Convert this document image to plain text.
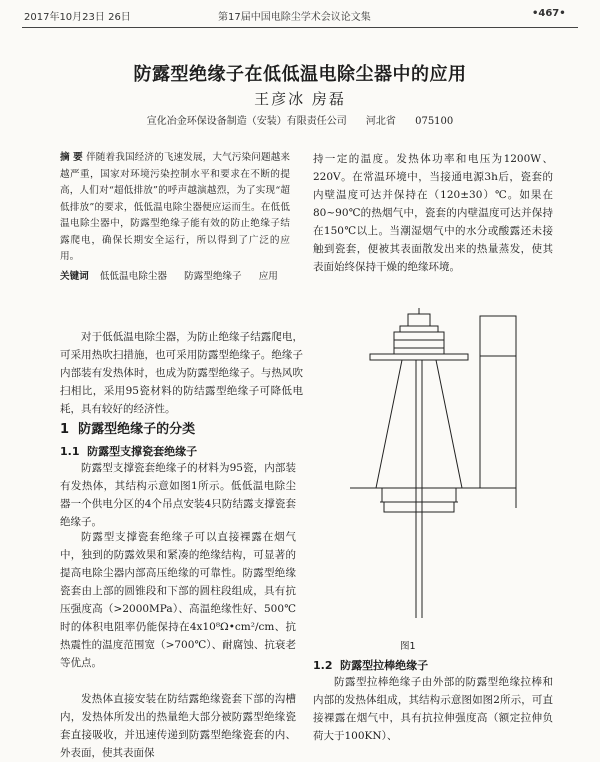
2017年10月23日 26日	第17届中国电除尘学术会议论文集	•467•
防露型绝缘子在低低温电除尘器中的应用
王彦冰 房磊
宣化冶金环保设备制造（安装）有限责任公司 河北省 075100
摘 要 伴随着我国经济的飞速发展，大气污染问题越来越严重，国家对环境污染控制水平和要求在不断的提高，人们对“超低排放”的呼声越演越烈，为了实现“超低排放”的要求，低低温电除尘器便应运而生。在低低温电除尘器中，防露型绝缘子能有效的防止绝缘子结露爬电，确保长期安全运行，所以得到了广泛的应用。
关键词 低低温电除尘器 防露型绝缘子 应用
对于低低温电除尘器，为防止绝缘子结露爬电，可采用热吹扫措施，也可采用防露型绝缘子。绝缘子内部装有发热体时，也成为防露型绝缘子。与热风吹扫相比，采用95瓷材料的防结露型绝缘子可降低电耗，具有较好的经济性。
1 防露型绝缘子的分类
1.1 防露型支撑瓷套绝缘子
防露型支撑瓷套绝缘子的材料为95瓷，内部装有发热体，其结构示意如图1所示。低低温电除尘器一个供电分区的4个吊点安装4只防结露支撑瓷套绝缘子。
防露型支撑瓷套绝缘子可以直接裸露在烟气中，独到的防露效果和紧凑的绝缘结构，可显著的提高电除尘器内部高压绝缘的可靠性。防露型绝缘瓷套由上部的圆锥段和下部的圆柱段组成，具有抗压强度高（>2000MPa）、高温绝缘性好、500℃时的体积电阻率仍能保持在4x10⁸Ω•cm²/cm、抗热震性的温度范围宽（>700℃）、耐腐蚀、抗衰老等优点。
发热体直接安装在防结露绝缘瓷套下部的沟槽内，发热体所发出的热量绝大部分被防露型绝缘瓷套直接吸收，并迅速传递到防露型绝缘瓷套的内、外表面，使其表面保
持一定的温度。发热体功率和电压为1200W、220V。在常温环境中，当接通电源3h后，瓷套的内壁温度可达并保持在（120±30）℃。如果在80~90℃的热烟气中，瓷套的内壁温度可达并保持在150℃以上。当潮湿烟气中的水分或酸露还未接触到瓷套，便被其表面散发出来的热量蒸发，使其表面始终保持干燥的绝缘环境。
图1
1.2 防露型拉棒绝缘子
防露型拉棒绝缘子由外部的防露型绝缘拉棒和内部的发热体组成，其结构示意图如图2所示，可直接裸露在烟气中，具有抗拉伸强度高（额定拉伸负荷大于100KN）、
